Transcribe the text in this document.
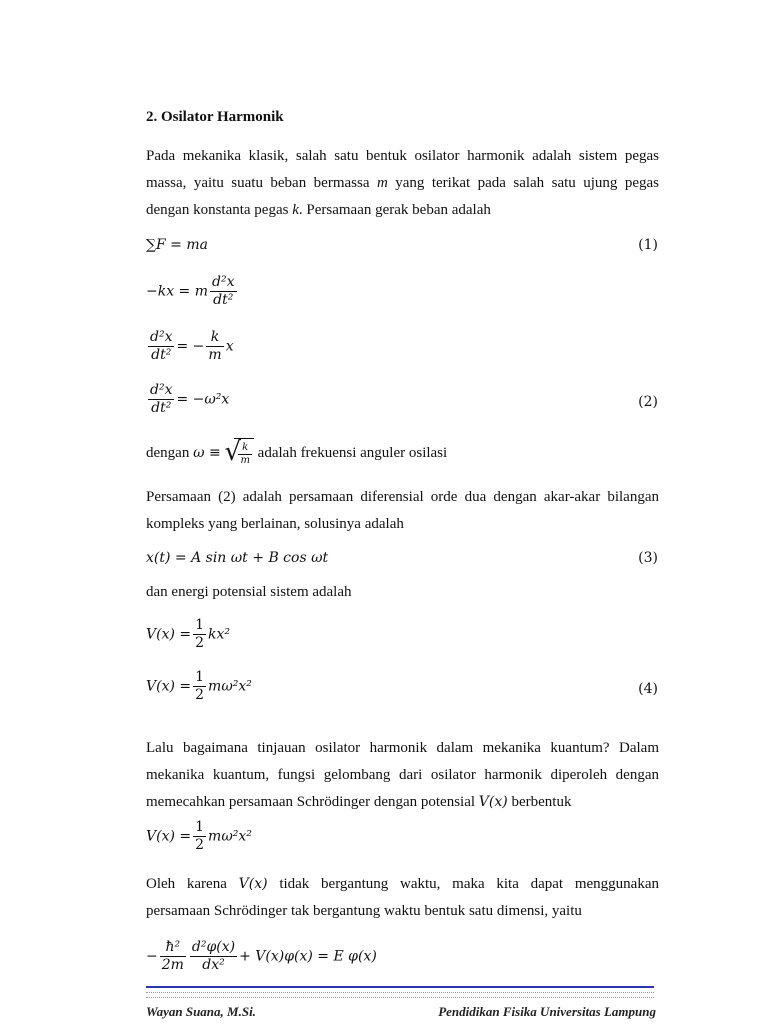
2. Osilator Harmonik
Pada mekanika klasik, salah satu bentuk osilator harmonik adalah sistem pegas
massa, yaitu suatu beban bermassa m yang terikat pada salah satu ujung pegas
dengan konstanta pegas k. Persamaan gerak beban adalah
∑F = ma	(1)
−kx = m $\frac{\text{d²x}}{\text{dt²}}$
$\frac{\text{d²x}}{\text{dt²}}$ = − $\frac{k}{m}$ x
$\frac{\text{d²x}}{\text{dt²}} = -\omega^2x$	(2)
dengan ω ≡ √
$\frac{k}{m}$ adalah frekuensi anguler osilasi
Persamaan (2) adalah persamaan diferensial orde dua dengan akar-akar bilangan
kompleks yang berlainan, solusinya adalah
x(t) = A sin ωt + B cos ωt	(3)
dan energi potensial sistem adalah
$V(x) = \frac{1}{2} kx^2$
$V(x) = \frac{1}{2} m\omega^2x^2$	(4)
Lalu bagaimana tinjauan osilator harmonik dalam mekanika kuantum? Dalam
mekanika kuantum, fungsi gelombang dari osilator harmonik diperoleh dengan
memecahkan persamaan Schrödinger dengan potensial V(x) berbentuk
$V(x) = \frac{1}{2} m\omega^2x^2$
Oleh karena V(x) tidak bergantung waktu, maka kita dapat menggunakan
persamaan Schrödinger tak bergantung waktu bentuk satu dimensi, yaitu
− $\frac{\text{ħ²}}{2m} \frac{\text{d²φ(x)}}{\text{dx²}} + V(x)\varphi(x) = E$ φ(x)
Wayan Suana, M.Si.	Pendidikan Fisika Universitas Lampung
